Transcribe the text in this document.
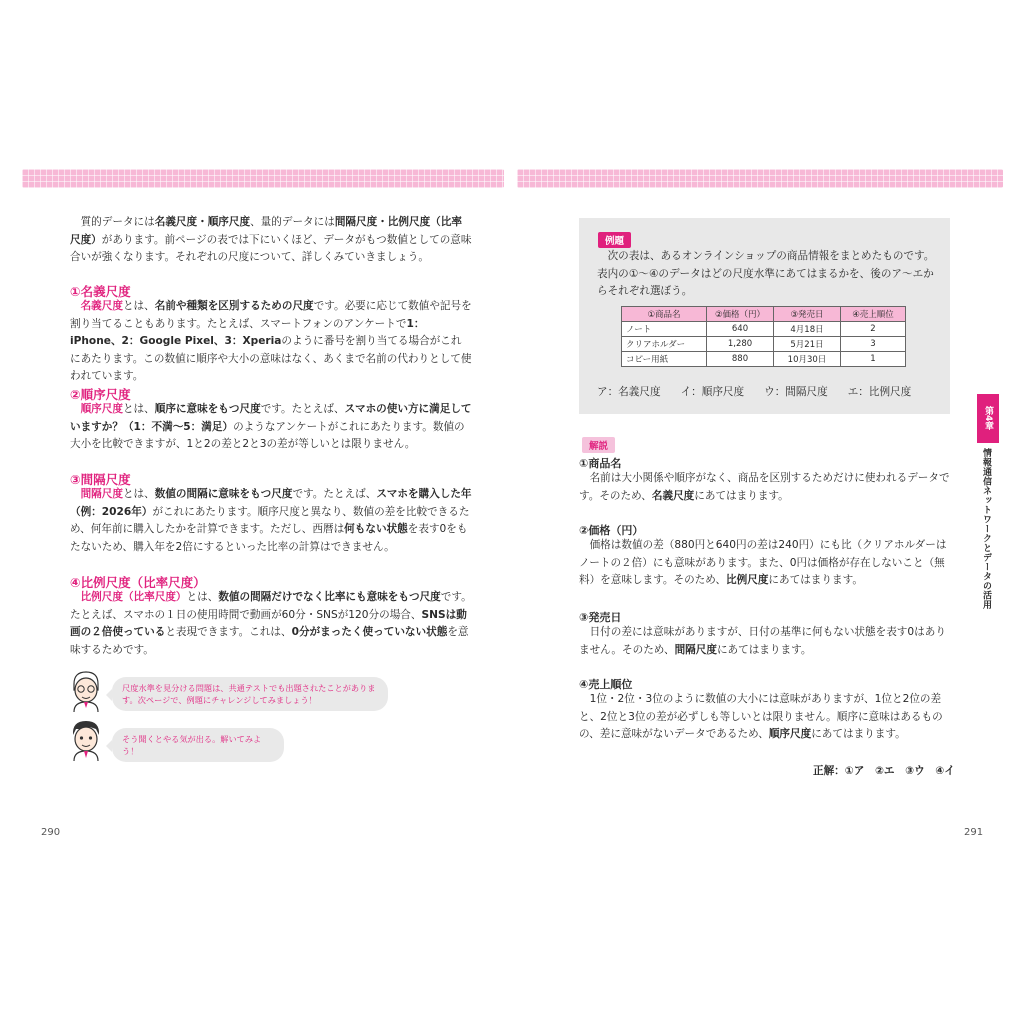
質的データには名義尺度・順序尺度、量的データには間隔尺度・比例尺度（比率尺度）があります。前ページの表では下にいくほど、データがもつ数値としての意味合いが強くなります。それぞれの尺度について、詳しくみていきましょう。

①名義尺度

名義尺度とは、名前や種類を区別するための尺度です。必要に応じて数値や記号を割り当てることもあります。たとえば、スマートフォンのアンケートで1：iPhone、2：Google Pixel、3：Xperiaのように番号を割り当てる場合がこれにあたります。この数値に順序や大小の意味はなく、あくまで名前の代わりとして使われています。

②順序尺度

順序尺度とは、順序に意味をもつ尺度です。たとえば、スマホの使い方に満足していますか？（1：不満〜5：満足）のようなアンケートがこれにあたります。数値の大小を比較できますが、1と2の差と2と3の差が等しいとは限りません。

③間隔尺度

間隔尺度とは、数値の間隔に意味をもつ尺度です。たとえば、スマホを購入した年（例：2026年）がこれにあたります。順序尺度と異なり、数値の差を比較できるため、何年前に購入したかを計算できます。ただし、西暦は何もない状態を表す0をもたないため、購入年を2倍にするといった比率の計算はできません。

④比例尺度（比率尺度）

比例尺度（比率尺度）とは、数値の間隔だけでなく比率にも意味をもつ尺度です。たとえば、スマホの１日の使用時間で動画が60分・SNSが120分の場合、SNSは動画の２倍使っていると表現できます。これは、0分がまったく使っていない状態を意味するためです。

尺度水準を見分ける問題は、共通テストでも出題されたことがあります。次ページで、例題にチャレンジしてみましょう！
そう聞くとやる気が出る。解いてみよう！
290
例題

次の表は、あるオンラインショップの商品情報をまとめたものです。表内の①〜④のデータはどの尺度水準にあてはまるかを、後のア〜エからそれぞれ選ぼう。

①商品名	②価格（円）	③発売日	④売上順位
ノート	640	4月18日	2
クリアホルダー	1,280	5月21日	3
コピー用紙	880	10月30日	1
ア：名義尺度 イ：順序尺度 ウ：間隔尺度 エ：比例尺度
解説
①商品名

名前は大小関係や順序がなく、商品を区別するためだけに使われるデータです。そのため、名義尺度にあてはまります。

②価格（円）

価格は数値の差（880円と640円の差は240円）にも比（クリアホルダーはノートの２倍）にも意味があります。また、0円は価格が存在しないこと（無料）を意味します。そのため、比例尺度にあてはまります。

③発売日

日付の差には意味がありますが、日付の基準に何もない状態を表す0はありません。そのため、間隔尺度にあてはまります。

④売上順位

1位・2位・3位のように数値の大小には意味がありますが、1位と2位の差と、2位と3位の差が必ずしも等しいとは限りません。順序に意味はあるものの、差に意味がないデータであるため、順序尺度にあてはまります。

正解：①ア　②エ　③ウ　④イ
第4章
情報通信ネットワークとデータの活用
291
